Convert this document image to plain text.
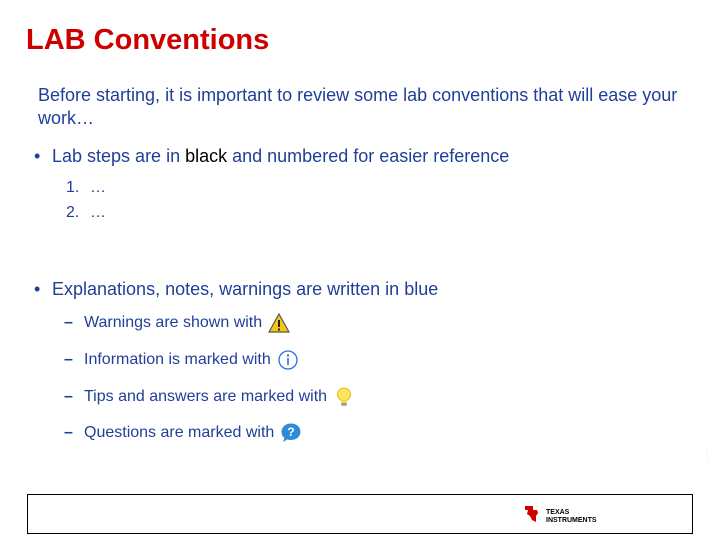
LAB Conventions
Before starting, it is important to review some lab conventions that will ease your work…
• Lab steps are in black and numbered for easier reference
1. …
2. …
• Explanations, notes, warnings are written in blue
– Warnings are shown with
– Information is marked with
– Tips and answers are marked with
– Questions are marked with ?
TEXAS
INSTRUMENTS
· · · · · ·
